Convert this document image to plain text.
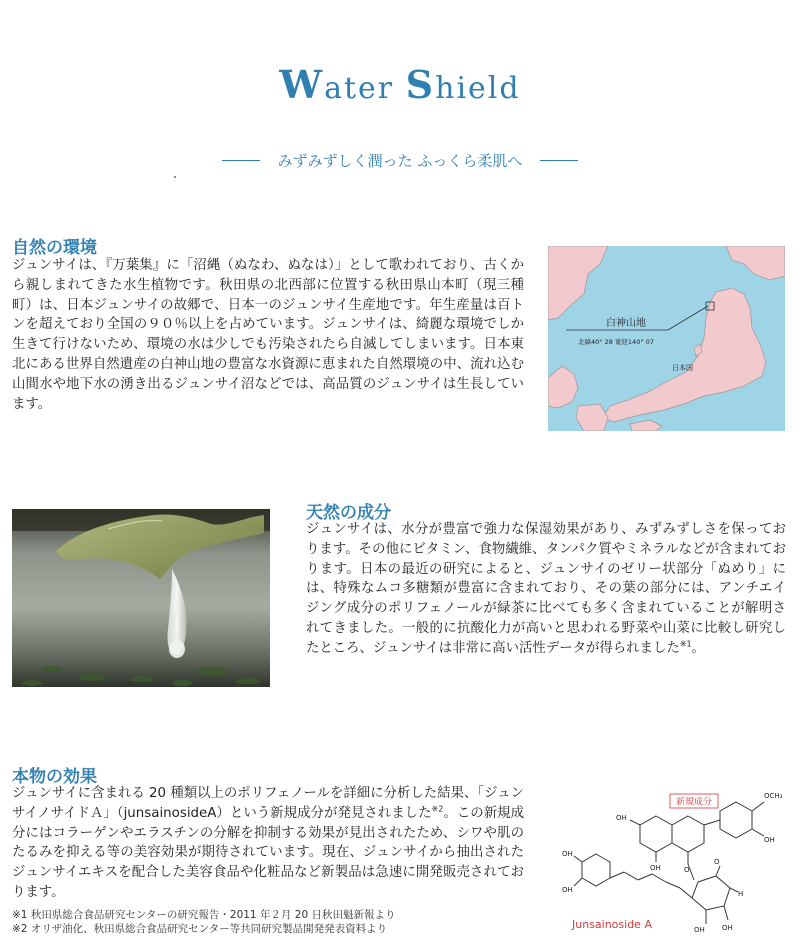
Water Shield
みずみずしく潤った ふっくら柔肌へ
自然の環境
ジュンサイは、『万葉集』に「沼縄（ぬなわ、ぬなは）」として歌われており、古くから親しまれてきた水生植物です。秋田県の北西部に位置する秋田県山本町（現三種町）は、日本ジュンサイの故郷で、日本一のジュンサイ生産地です。年生産量は百トンを超えており全国の９０％以上を占めています。ジュンサイは、綺麗な環境でしか生きて行けないため、環境の水は少しでも汚染されたら自滅してしまいます。日本東北にある世界自然遺産の白神山地の豊富な水資源に恵まれた自然環境の中、流れ込む山間水や地下水の湧き出るジュンサイ沼などでは、高品質のジュンサイは生長しています。
白神山地
北緯40° 28 東経140° 07
日本国
天然の成分
ジュンサイは、水分が豊富で強力な保湿効果があり、みずみずしさを保っております。その他にビタミン、食物繊維、タンパク質やミネラルなどが含まれております。日本の最近の研究によると、ジュンサイのゼリー状部分「ぬめり」には、特殊なムコ多糖類が豊富に含まれており、その葉の部分には、アンチエイジング成分のポリフェノールが緑茶に比べても多く含まれていることが解明されてきました。一般的に抗酸化力が高いと思われる野菜や山菜に比較し研究したところ、ジュンサイは非常に高い活性データが得られました$^{※1}$。
本物の効果
ジュンサイに含まれる 20 種類以上のポリフェノールを詳細に分析した結果、「ジュンサイノサイドＡ」（junsainosideA）という新規成分が発見されました$^{※2}$。この新規成分にはコラーゲンやエラスチンの分解を抑制する効果が見出されたため、シワや肌のたるみを抑える等の美容効果が期待されています。現在、ジュンサイから抽出されたジュンサイエキスを配合した美容食品や化粧品など新製品は急速に開発販売されております。
※1 秋田県総合食品研究センターの研究報告・2011 年２月 20 日秋田魁新報より
※2 オリザ油化、秋田県総合食品研究センター等共同研究製品開発発表資料より
新規成分
OCH₃
OH
OH
OH	O
OH
OH
O
H
OH
OH
Junsainoside A
